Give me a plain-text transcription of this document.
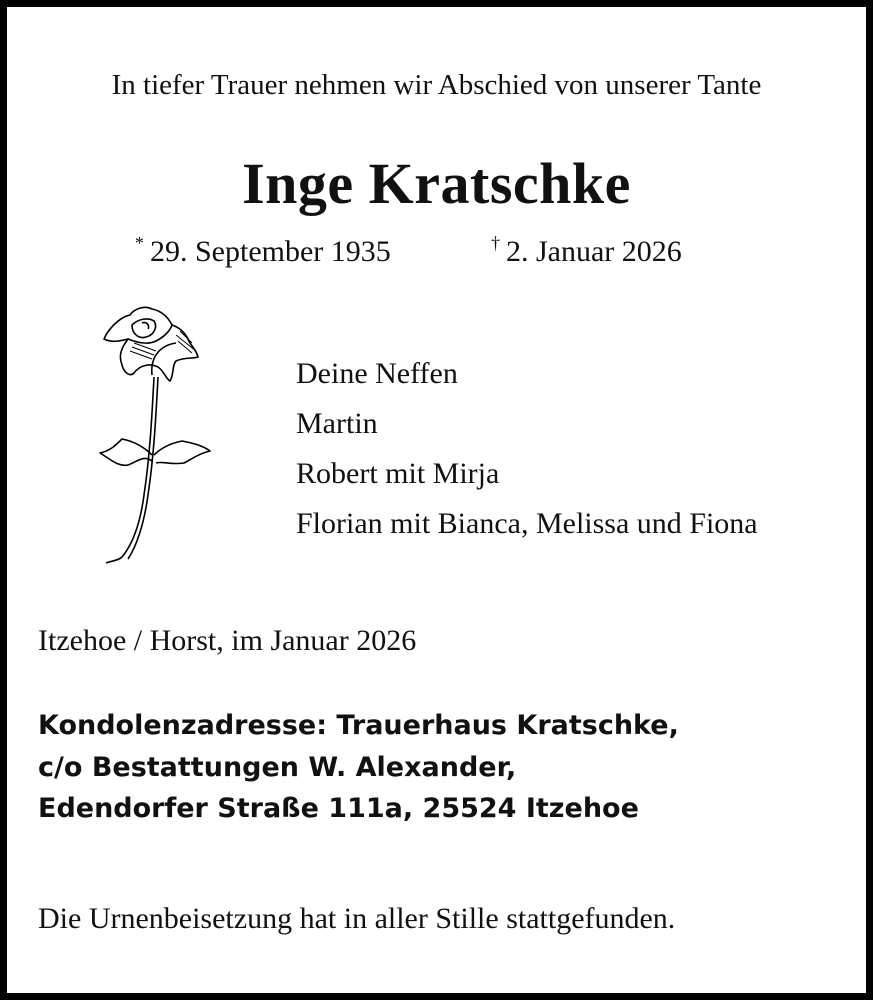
In tiefer Trauer nehmen wir Abschied von unserer Tante
Inge Kratschke
* 29. September 1935	† 2. Januar 2026
Deine Neffen
Martin
Robert mit Mirja
Florian mit Bianca, Melissa und Fiona
Itzehoe / Horst, im Januar 2026
Kondolenzadresse: Trauerhaus Kratschke,
c/o Bestattungen W. Alexander,
Edendorfer Straße 111a, 25524 Itzehoe
Die Urnenbeisetzung hat in aller Stille stattgefunden.
